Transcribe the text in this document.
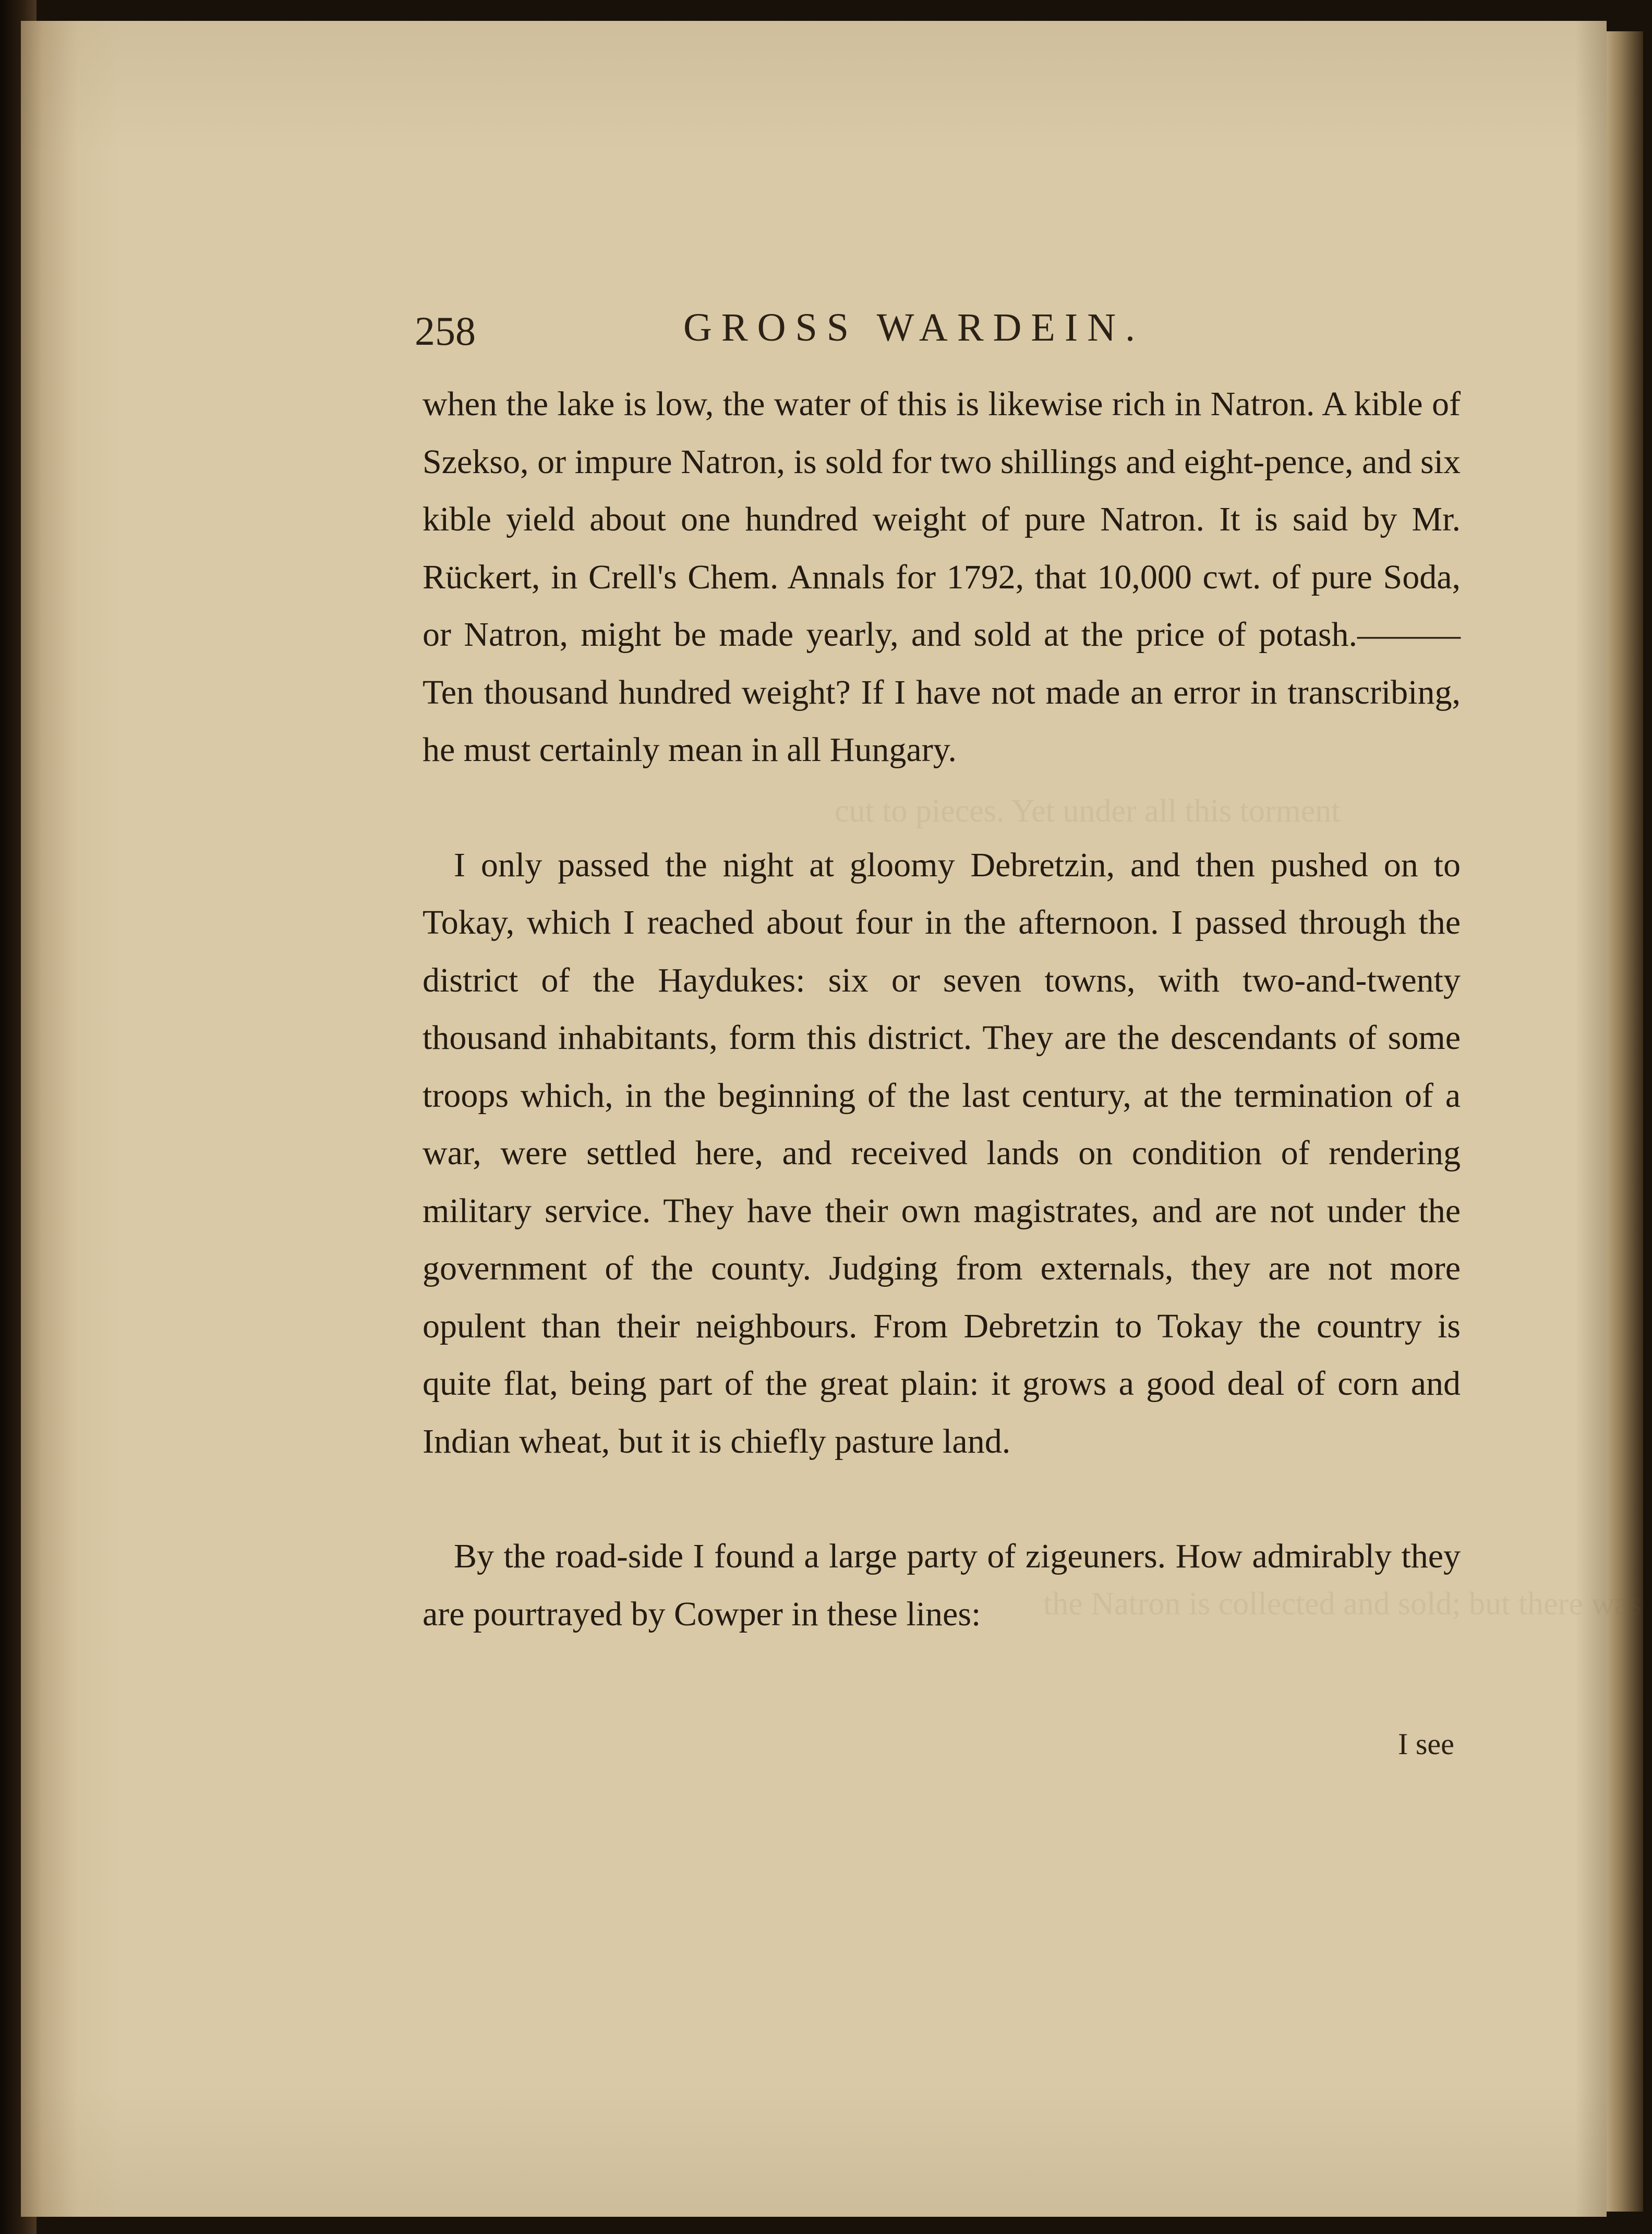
cut to pieces. Yet under all this torment
the Natron is collected and sold; but there was
258	GROSS WARDEIN.

when the lake is low, the water of this is likewise rich in Natron. A kible of Szekso, or impure Natron, is sold for two shillings and eight-pence, and six kible yield about one hundred weight of pure Natron. It is said by Mr. Rückert, in Crell's Chem. Annals for 1792, that 10,000 cwt. of pure Soda, or Natron, might be made yearly, and sold at the price of potash.———Ten thousand hundred weight? If I have not made an error in transcribing, he must certainly mean in all Hungary.

I only passed the night at gloomy Debretzin, and then pushed on to Tokay, which I reached about four in the afternoon. I passed through the district of the Haydukes: six or seven towns, with two-and-twenty thousand inhabitants, form this district. They are the descendants of some troops which, in the beginning of the last century, at the termination of a war, were settled here, and received lands on condition of rendering military service. They have their own magistrates, and are not under the government of the county. Judging from externals, they are not more opulent than their neighbours. From Debretzin to Tokay the country is quite flat, being part of the great plain: it grows a good deal of corn and Indian wheat, but it is chiefly pasture land.

By the road-side I found a large party of zigeuners. How admirably they are pourtrayed by Cowper in these lines:

I see
